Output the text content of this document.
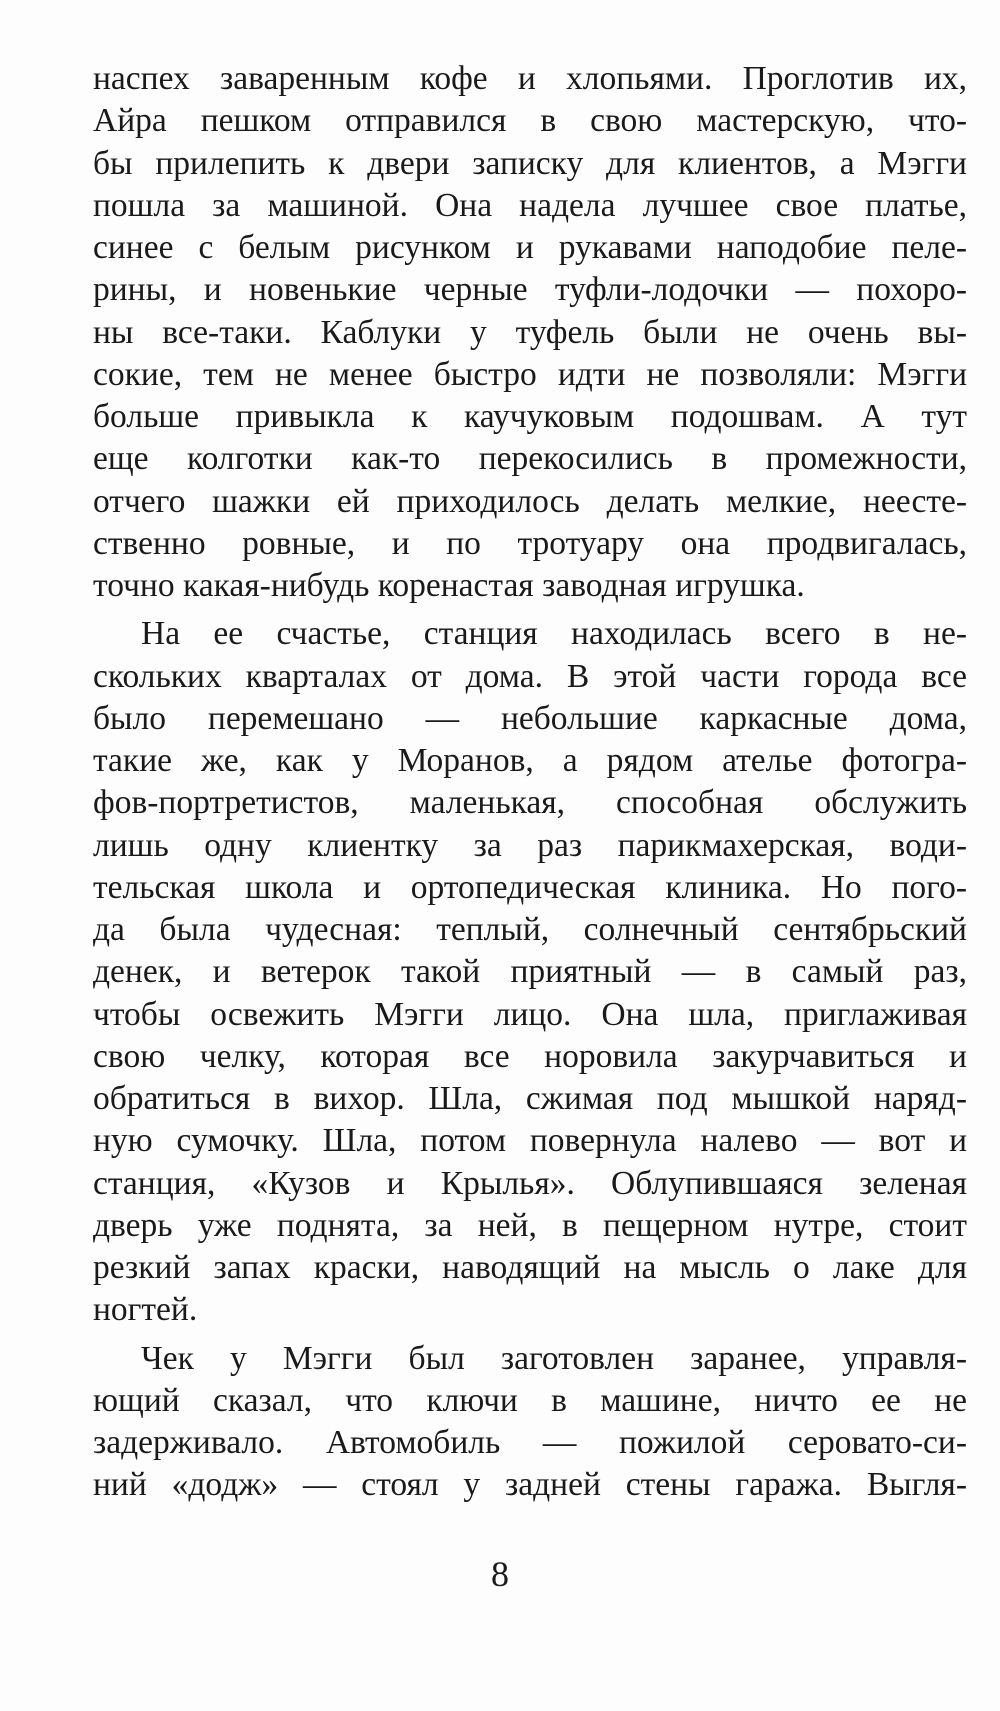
наспех заваренным кофе и хлопьями. Проглотив их,
Айра пешком отправился в свою мастерскую, что-
бы прилепить к двери записку для клиентов, а Мэгги
пошла за машиной. Она надела лучшее свое платье,
синее с белым рисунком и рукавами наподобие пеле-
рины, и новенькие черные туфли-лодочки — похоро-
ны все-таки. Каблуки у туфель были не очень вы-
сокие, тем не менее быстро идти не позволяли: Мэгги
больше привыкла к каучуковым подошвам. А тут
еще колготки как-то перекосились в промежности,
отчего шажки ей приходилось делать мелкие, неесте-
ственно ровные, и по тротуару она продвигалась,
точно какая-нибудь коренастая заводная игрушка.
На ее счастье, станция находилась всего в не-
скольких кварталах от дома. В этой части города все
было перемешано — небольшие каркасные дома,
такие же, как у Моранов, а рядом ателье фотогра-
фов-портретистов, маленькая, способная обслужить
лишь одну клиентку за раз парикмахерская, води-
тельская школа и ортопедическая клиника. Но пого-
да была чудесная: теплый, солнечный сентябрьский
денек, и ветерок такой приятный — в самый раз,
чтобы освежить Мэгги лицо. Она шла, приглаживая
свою челку, которая все норовила закурчавиться и
обратиться в вихор. Шла, сжимая под мышкой наряд-
ную сумочку. Шла, потом повернула налево — вот и
станция, «Кузов и Крылья». Облупившаяся зеленая
дверь уже поднята, за ней, в пещерном нутре, стоит
резкий запах краски, наводящий на мысль о лаке для
ногтей.
Чек у Мэгги был заготовлен заранее, управля-
ющий сказал, что ключи в машине, ничто ее не
задерживало. Автомобиль — пожилой серовато-си-
ний «додж» — стоял у задней стены гаража. Выгля-
8
